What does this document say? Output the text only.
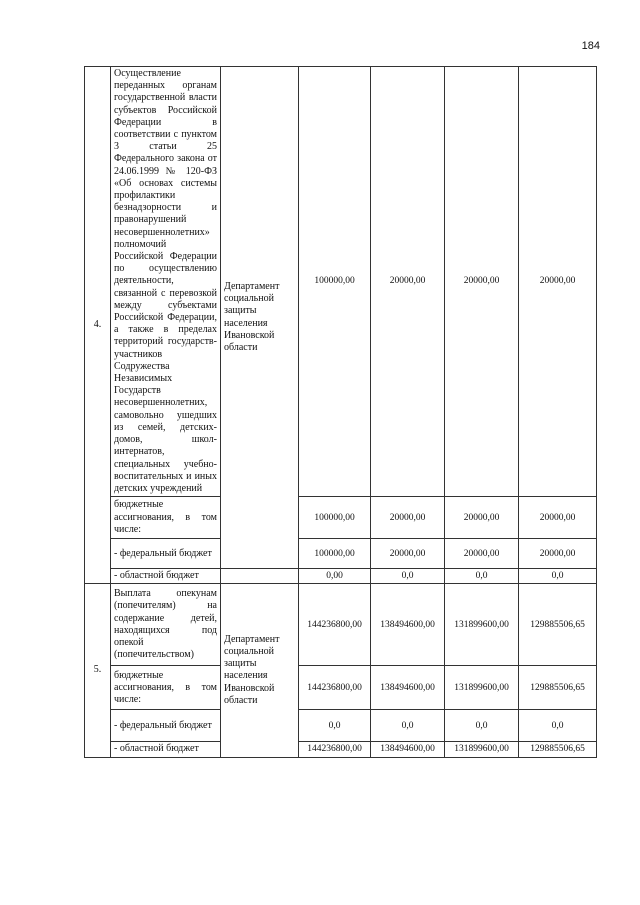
184
4.	Осуществление переданных органам государственной власти субъектов Российской Федерации в соответствии с пунктом 3 статьи 25 Федерального закона от 24.06.1999 № 120-ФЗ «Об основах системы профилактики безнадзорности и правонарушений несовершеннолетних» полномочий Российской Федерации по осуществлению деятельности, связанной с перевозкой между субъектами Российской Федерации, а также в пределах территорий государств-участников Содружества Независимых Государств несовершеннолетних, самовольно ушедших из семей, детских-домов, школ-интернатов, специальных учебно-воспитательных и иных детских учреждений	Департамент социальной защиты населения Ивановской области	100000,00	20000,00	20000,00	20000,00
	бюджетные ассигнования, в том числе:		100000,00	20000,00	20000,00	20000,00
	- федеральный бюджет		100000,00	20000,00	20000,00	20000,00
	- областной бюджет		0,00	0,0	0,0	0,0
5.	Выплата опекунам (попечителям) на содержание детей, находящихся под опекой (попечительством)	Департамент социальной защиты населения Ивановской области	144236800,00	138494600,00	131899600,00	129885506,65
	бюджетные ассигнования, в том числе:		144236800,00	138494600,00	131899600,00	129885506,65
	- федеральный бюджет		0,0	0,0	0,0	0,0
	- областной бюджет		144236800,00	138494600,00	131899600,00	129885506,65
